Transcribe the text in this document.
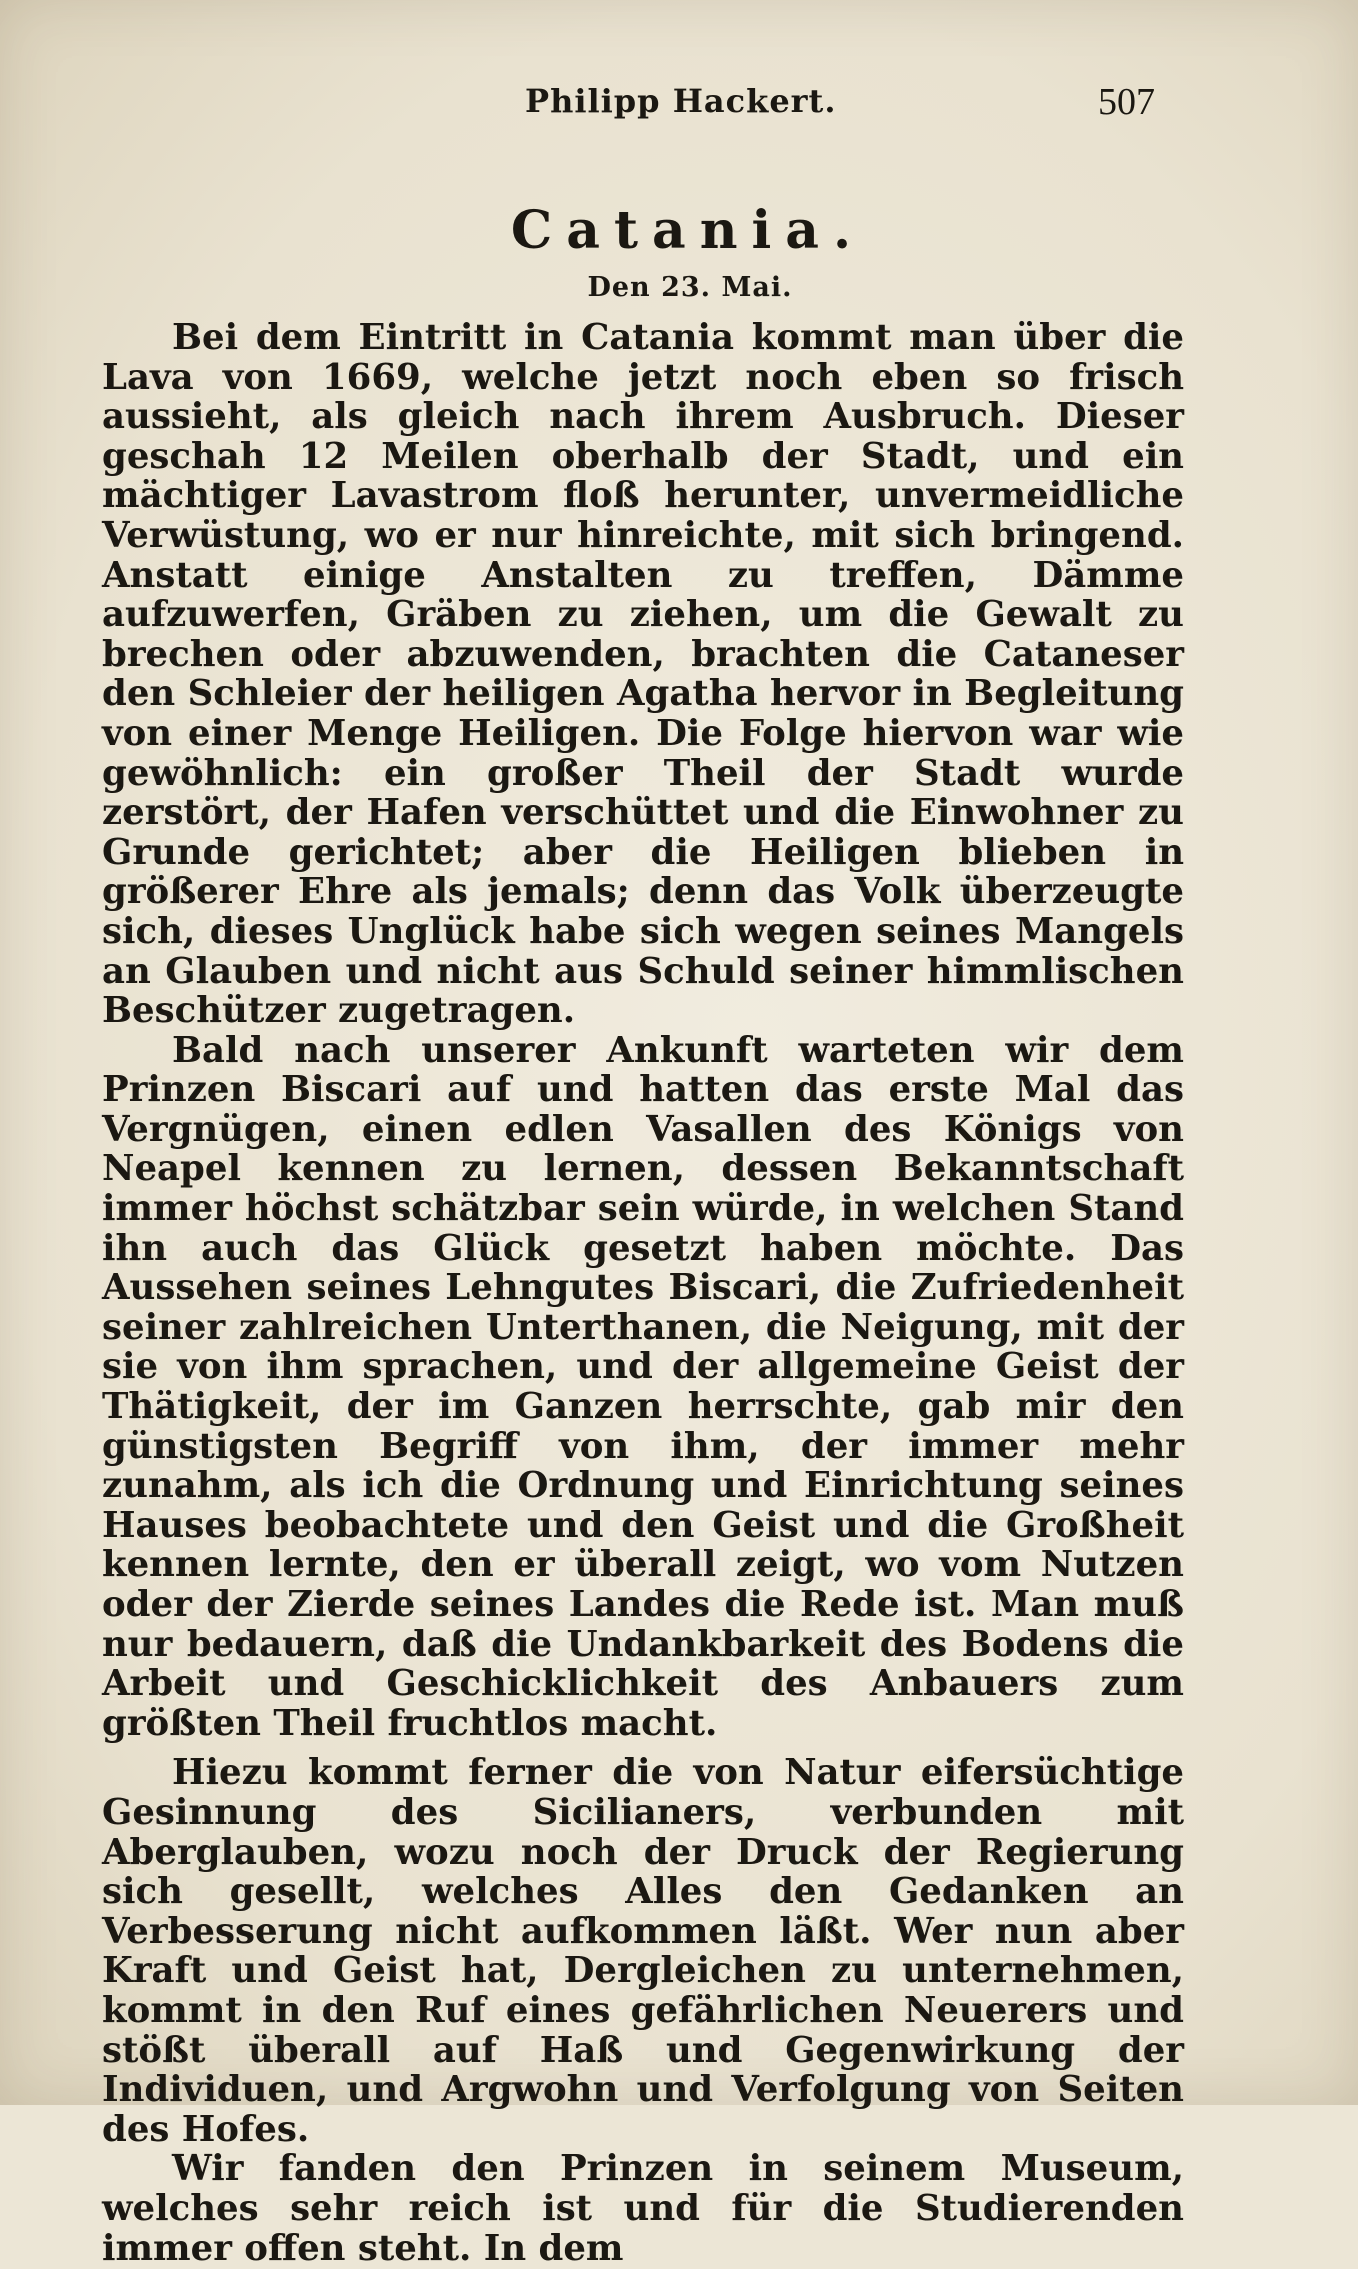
Philipp Hackert.	507
Catania.
Den 23. Mai.

Bei dem Eintritt in Catania kommt man über die Lava von 1669, welche jetzt noch eben so frisch aussieht, als gleich nach ihrem Ausbruch. Dieser geschah 12 Meilen oberhalb der Stadt, und ein mächtiger Lavastrom floß herunter, unvermeidliche Verwüstung, wo er nur hinreichte, mit sich bringend. Anstatt einige Anstalten zu treffen, Dämme aufzuwerfen, Gräben zu ziehen, um die Gewalt zu brechen oder abzuwenden, brachten die Cataneser den Schleier der heiligen Agatha hervor in Begleitung von einer Menge Heiligen. Die Folge hiervon war wie gewöhnlich: ein großer Theil der Stadt wurde zerstört, der Hafen verschüttet und die Einwohner zu Grunde gerichtet; aber die Heiligen blieben in größerer Ehre als jemals; denn das Volk überzeugte sich, dieses Unglück habe sich wegen seines Mangels an Glauben und nicht aus Schuld seiner himmlischen Beschützer zugetragen.

Bald nach unserer Ankunft warteten wir dem Prinzen Biscari auf und hatten das erste Mal das Vergnügen, einen edlen Vasallen des Königs von Neapel kennen zu lernen, dessen Bekanntschaft immer höchst schätzbar sein würde, in welchen Stand ihn auch das Glück gesetzt haben möchte. Das Aussehen seines Lehngutes Biscari, die Zufriedenheit seiner zahlreichen Unterthanen, die Neigung, mit der sie von ihm sprachen, und der allgemeine Geist der Thätigkeit, der im Ganzen herrschte, gab mir den günstigsten Begriff von ihm, der immer mehr zunahm, als ich die Ordnung und Einrichtung seines Hauses beobachtete und den Geist und die Großheit kennen lernte, den er überall zeigt, wo vom Nutzen oder der Zierde seines Landes die Rede ist. Man muß nur bedauern, daß die Undankbarkeit des Bodens die Arbeit und Geschicklichkeit des Anbauers zum größten Theil fruchtlos macht.

Hiezu kommt ferner die von Natur eifersüchtige Gesinnung des Sicilianers, verbunden mit Aberglauben, wozu noch der Druck der Regierung sich gesellt, welches Alles den Gedanken an Verbesserung nicht aufkommen läßt. Wer nun aber Kraft und Geist hat, Dergleichen zu unternehmen, kommt in den Ruf eines gefährlichen Neuerers und stößt überall auf Haß und Gegenwirkung der Individuen, und Argwohn und Verfolgung von Seiten des Hofes.

Wir fanden den Prinzen in seinem Museum, welches sehr reich ist und für die Studierenden immer offen steht. In dem
